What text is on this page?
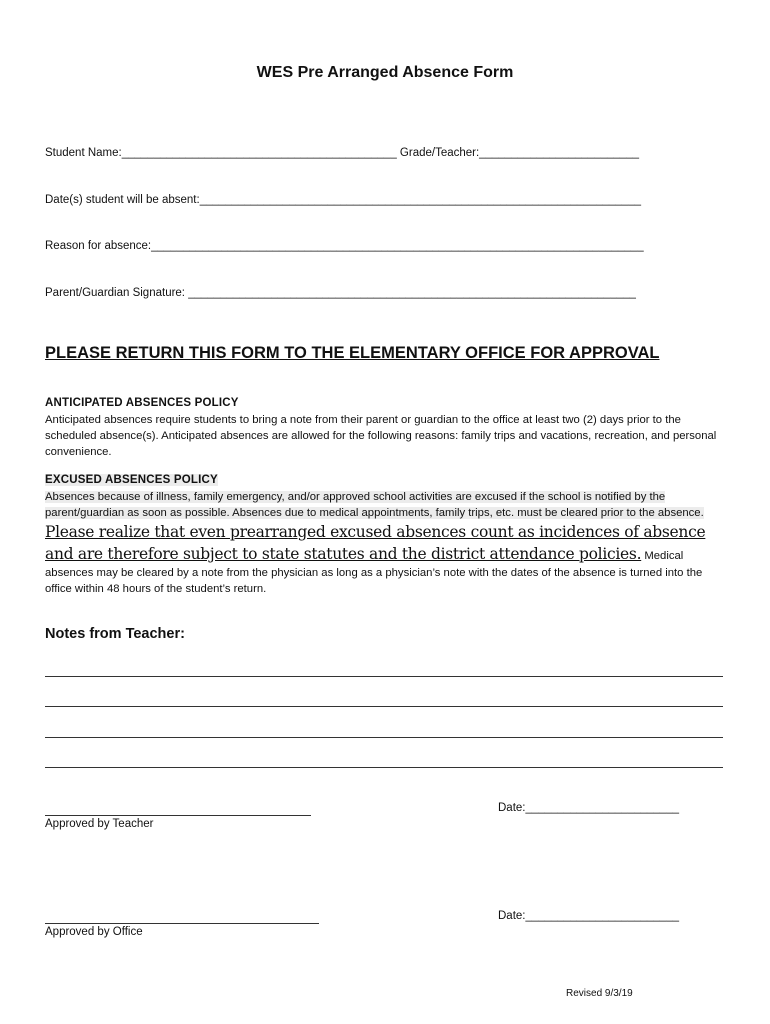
WES Pre Arranged Absence Form
Student Name:___________________________________________ Grade/Teacher:_________________________
Date(s) student will be absent:_____________________________________________________________________
Reason for absence:_____________________________________________________________________________
Parent/Guardian Signature: ______________________________________________________________________
PLEASE RETURN THIS FORM TO THE ELEMENTARY OFFICE FOR APPROVAL
ANTICIPATED ABSENCES POLICY
Anticipated absences require students to bring a note from their parent or guardian to the office at least two (2) days prior to the scheduled absence(s). Anticipated absences are allowed for the following reasons: family trips and vacations, recreation, and personal convenience.
EXCUSED ABSENCES POLICY
Absences because of illness, family emergency, and/or approved school activities are excused if the school is notified by the parent/guardian as soon as possible. Absences due to medical appointments, family trips, etc. must be cleared prior to the absence. Please realize that even prearranged excused absences count as incidences of absence and are therefore subject to state statutes and the district attendance policies. Medical absences may be cleared by a note from the physician as long as a physician’s note with the dates of the absence is turned into the office within 48 hours of the student’s return.
Notes from Teacher:
Approved by Teacher
Date:________________________
Approved by Office
Date:________________________
Revised 9/3/19
